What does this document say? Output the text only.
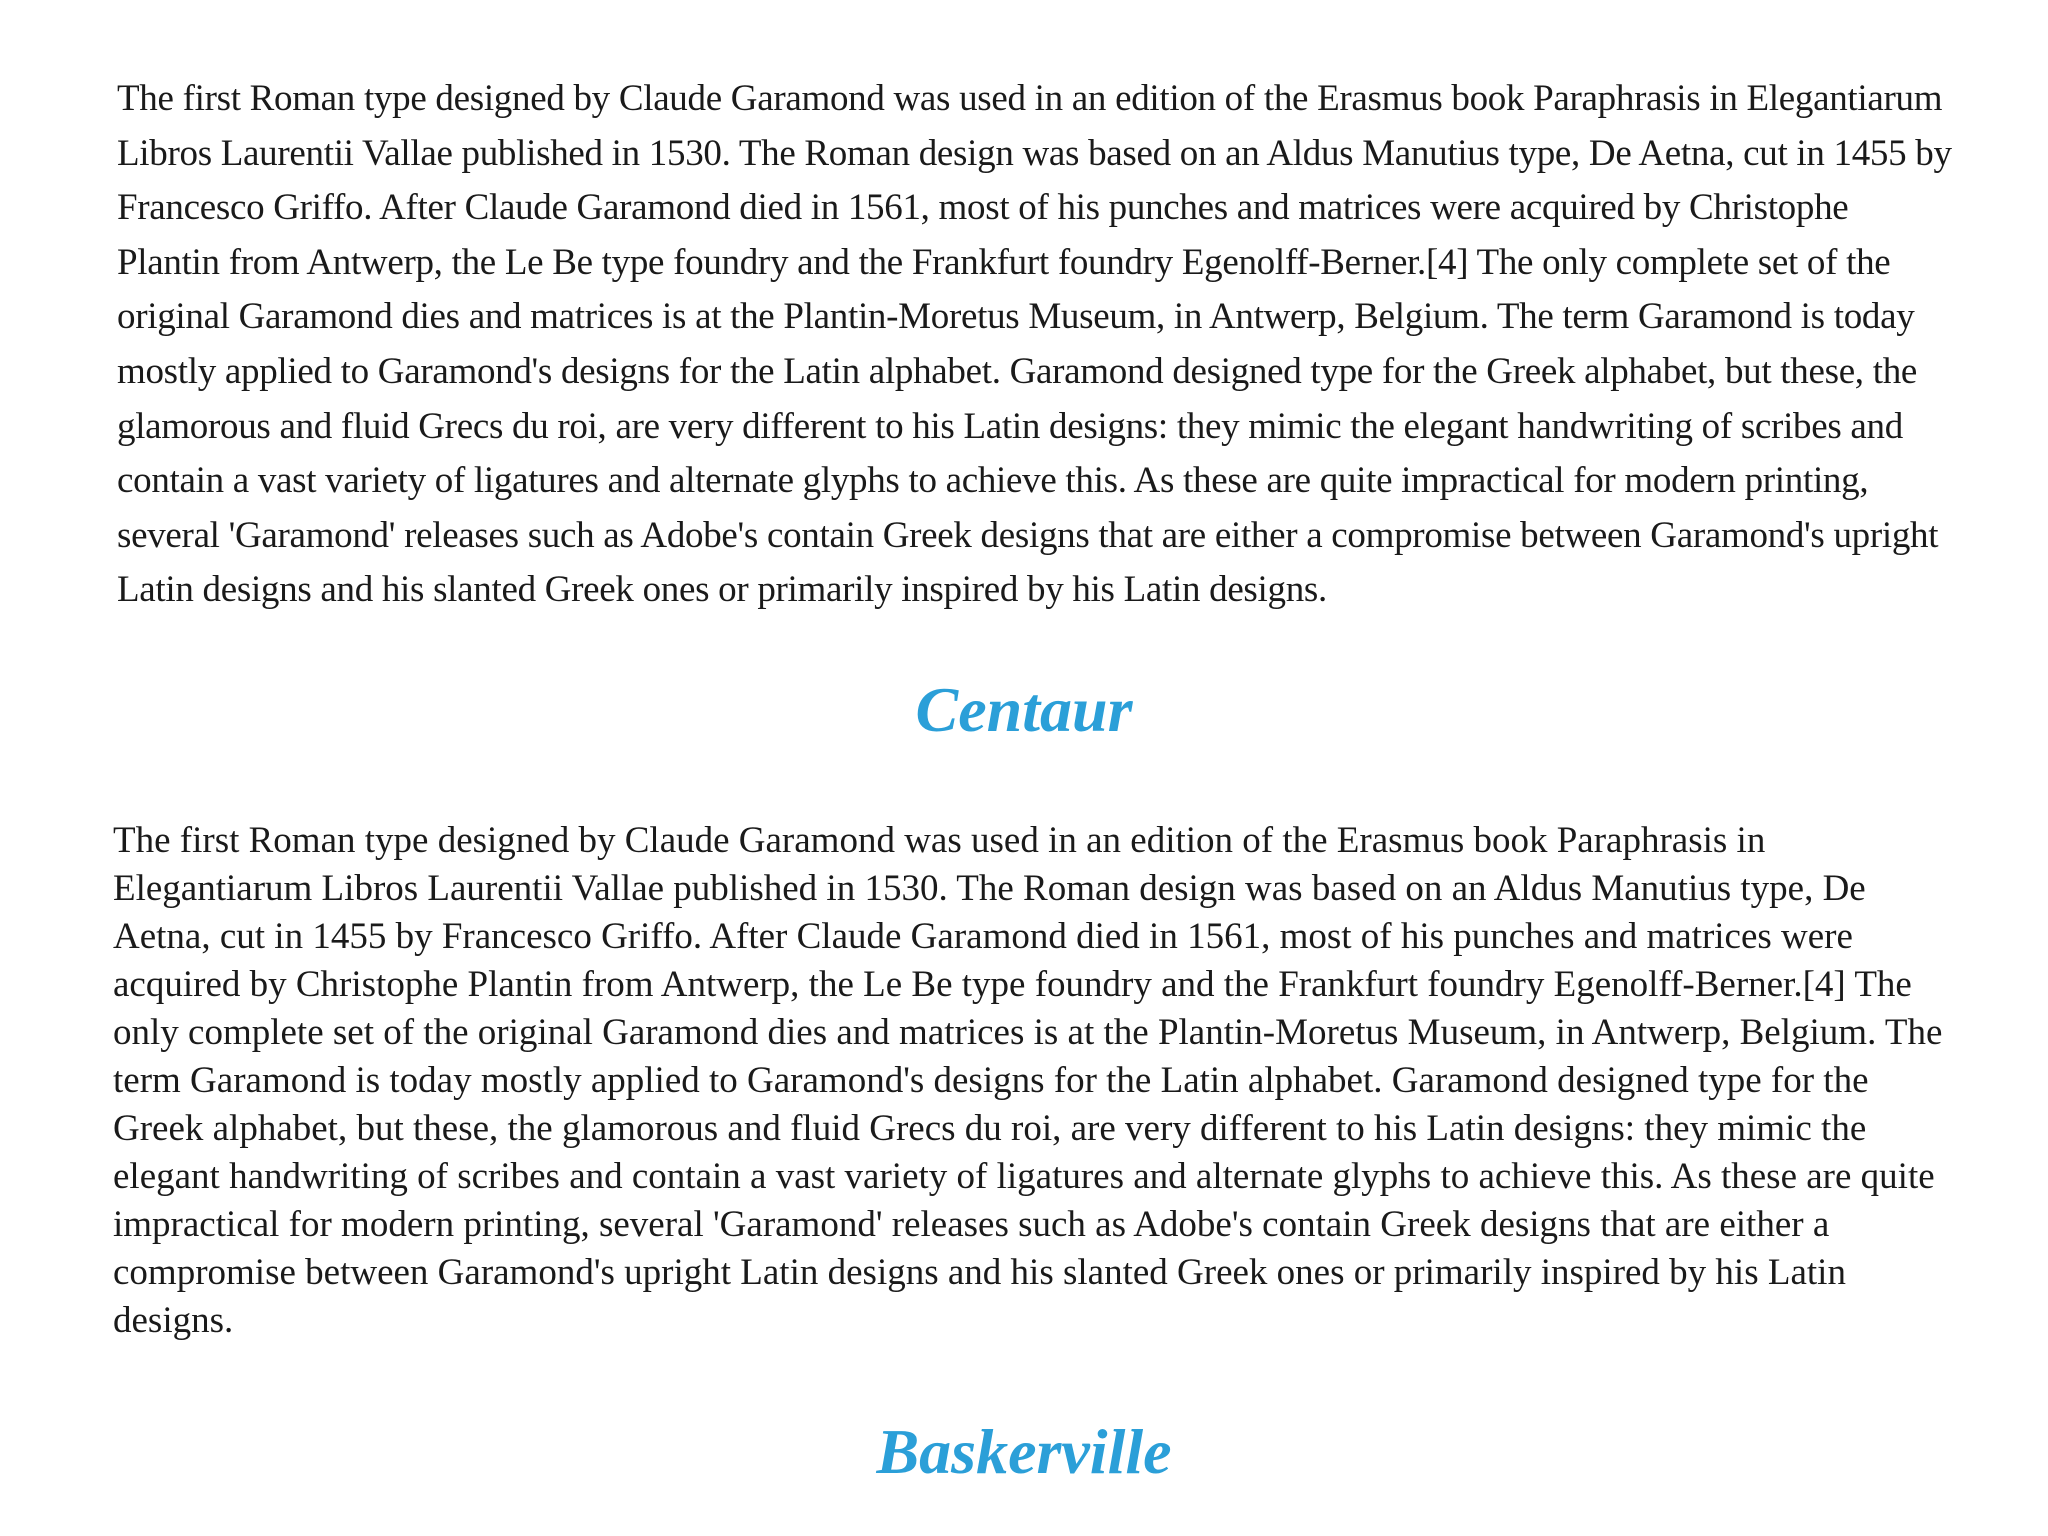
The first Roman type designed by Claude Garamond was used in an edition of the Erasmus book Paraphrasis in Elegantiarum Libros Laurentii Vallae published in 1530. The Roman design was based on an Aldus Manutius type, De Aetna, cut in 1455 by Francesco Griffo. After Claude Garamond died in 1561, most of his punches and matrices were acquired by Christophe Plantin from Antwerp, the Le Be type foundry and the Frankfurt foundry Egenolff-Berner.[4] The only complete set of the original Garamond dies and matrices is at the Plantin-Moretus Museum, in Antwerp, Belgium. The term Garamond is today mostly applied to Garamond's designs for the Latin alphabet. Garamond designed type for the Greek alphabet, but these, the glamorous and fluid Grecs du roi, are very different to his Latin designs: they mimic the elegant handwriting of scribes and contain a vast variety of ligatures and alternate glyphs to achieve this. As these are quite impractical for modern printing, several 'Garamond' releases such as Adobe's contain Greek designs that are either a compromise between Garamond's upright Latin designs and his slanted Greek ones or primarily inspired by his Latin designs.

Centaur

The first Roman type designed by Claude Garamond was used in an edition of the Erasmus book Paraphrasis in Elegantiarum Libros Laurentii Vallae published in 1530. The Roman design was based on an Aldus Manutius type, De Aetna, cut in 1455 by Francesco Griffo. After Claude Garamond died in 1561, most of his punches and matrices were acquired by Christophe Plantin from Antwerp, the Le Be type foundry and the Frankfurt foundry Egenolff-Berner.[4] The only complete set of the original Garamond dies and matrices is at the Plantin-Moretus Museum, in Antwerp, Belgium. The term Garamond is today mostly applied to Garamond's designs for the Latin alphabet. Garamond designed type for the Greek alphabet, but these, the glamorous and fluid Grecs du roi, are very different to his Latin designs: they mimic the elegant handwriting of scribes and contain a vast variety of ligatures and alternate glyphs to achieve this. As these are quite impractical for modern printing, several 'Garamond' releases such as Adobe's contain Greek designs that are either a compromise between Garamond's upright Latin designs and his slanted Greek ones or primarily inspired by his Latin designs.

Baskerville
